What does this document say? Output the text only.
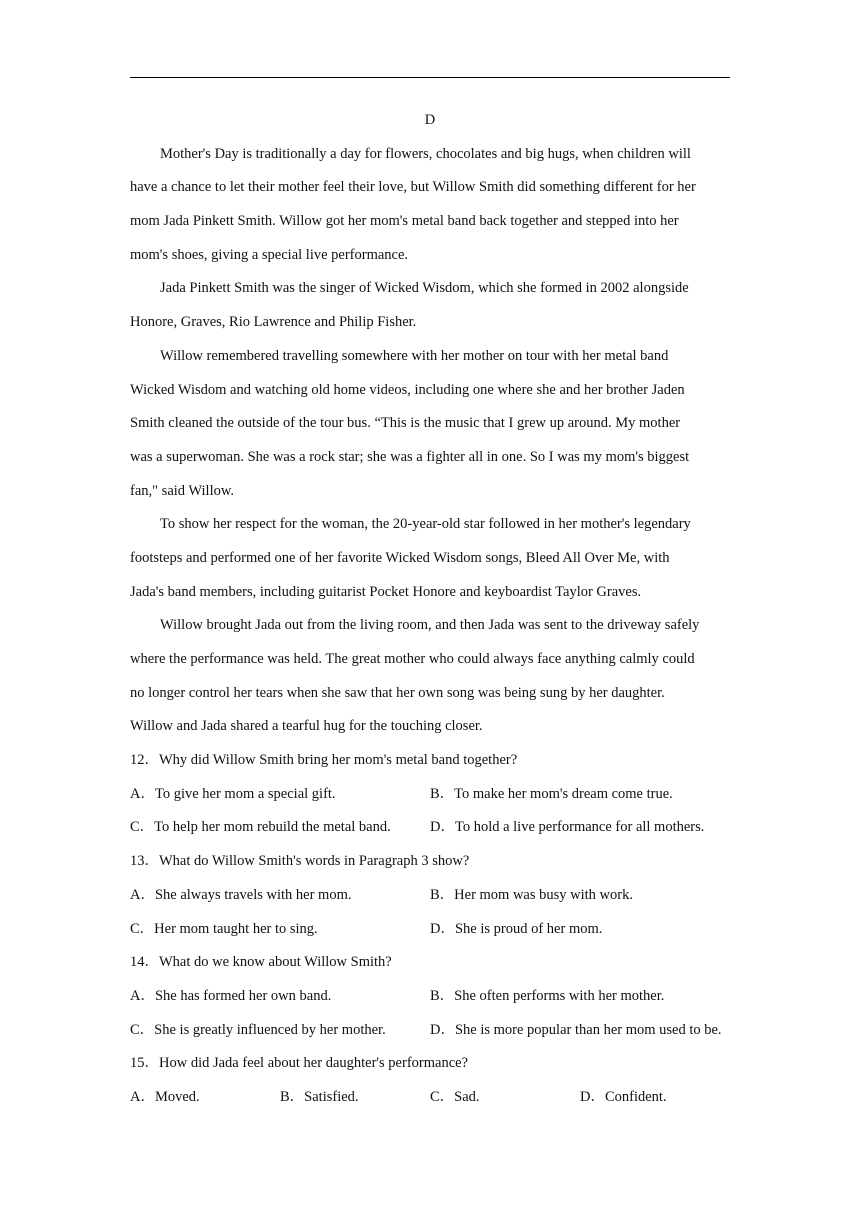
D
Mother's Day is traditionally a day for flowers, chocolates and big hugs, when children will
have a chance to let their mother feel their love, but Willow Smith did something different for her
mom Jada Pinkett Smith. Willow got her mom's metal band back together and stepped into her
mom's shoes, giving a special live performance.
Jada Pinkett Smith was the singer of Wicked Wisdom, which she formed in 2002 alongside
Honore, Graves, Rio Lawrence and Philip Fisher.
Willow remembered travelling somewhere with her mother on tour with her metal band
Wicked Wisdom and watching old home videos, including one where she and her brother Jaden
Smith cleaned the outside of the tour bus. “This is the music that I grew up around. My mother
was a superwoman. She was a rock star; she was a fighter all in one. So I was my mom's biggest
fan," said Willow.
To show her respect for the woman, the 20-year-old star followed in her mother's legendary
footsteps and performed one of her favorite Wicked Wisdom songs, Bleed All Over Me, with
Jada's band members, including guitarist Pocket Honore and keyboardist Taylor Graves.
Willow brought Jada out from the living room, and then Jada was sent to the driveway safely
where the performance was held. The great mother who could always face anything calmly could
no longer control her tears when she saw that her own song was being sung by her daughter.
Willow and Jada shared a tearful hug for the touching closer.
12．Why did Willow Smith bring her mom's metal band together?
A．To give her mom a special gift.	B．To make her mom's dream come true.
C．To help her mom rebuild the metal band.	D．To hold a live performance for all mothers.
13．What do Willow Smith's words in Paragraph 3 show?
A．She always travels with her mom.	B．Her mom was busy with work.
C．Her mom taught her to sing.	D．She is proud of her mom.
14．What do we know about Willow Smith?
A．She has formed her own band.	B．She often performs with her mother.
C．She is greatly influenced by her mother.	D．She is more popular than her mom used to be.
15．How did Jada feel about her daughter's performance?
A．Moved.	B．Satisfied.	C．Sad.	D．Confident.
